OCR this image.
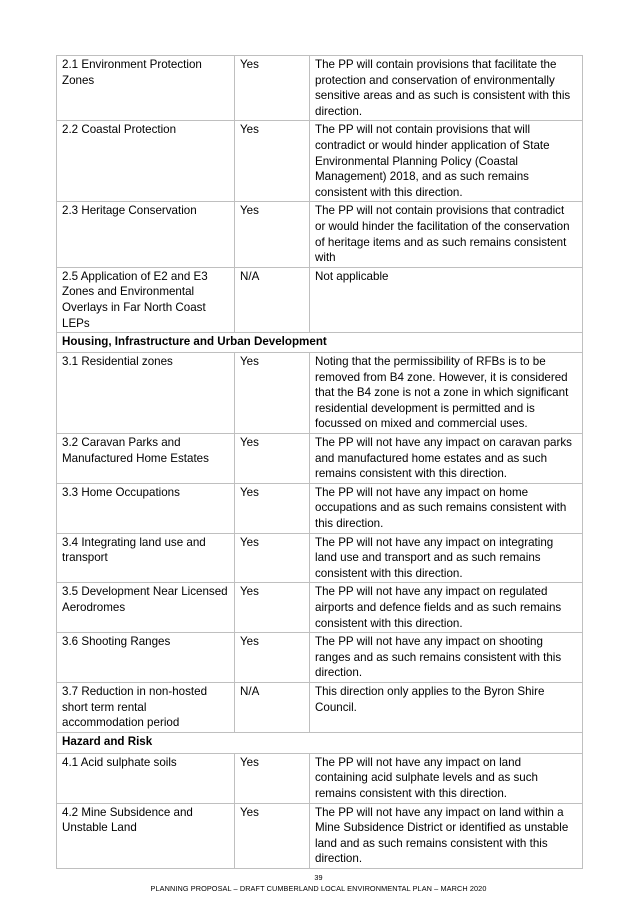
2.1 Environment Protection Zones	Yes	The PP will contain provisions that facilitate the protection and conservation of environmentally sensitive areas and as such is consistent with this direction.
2.2 Coastal Protection	Yes	The PP will not contain provisions that will contradict or would hinder application of State Environmental Planning Policy (Coastal Management) 2018, and as such remains consistent with this direction.
2.3 Heritage Conservation	Yes	The PP will not contain provisions that contradict or would hinder the facilitation of the conservation of heritage items and as such remains consistent with
2.5 Application of E2 and E3 Zones and Environmental Overlays in Far North Coast LEPs	N/A	Not applicable
Housing, Infrastructure and Urban Development		
3.1 Residential zones	Yes	Noting that the permissibility of RFBs is to be removed from B4 zone. However, it is considered that the B4 zone is not a zone in which significant residential development is permitted and is focussed on mixed and commercial uses.
3.2 Caravan Parks and Manufactured Home Estates	Yes	The PP will not have any impact on caravan parks and manufactured home estates and as such remains consistent with this direction.
3.3 Home Occupations	Yes	The PP will not have any impact on home occupations and as such remains consistent with this direction.
3.4 Integrating land use and transport	Yes	The PP will not have any impact on integrating land use and transport and as such remains consistent with this direction.
3.5 Development Near Licensed Aerodromes	Yes	The PP will not have any impact on regulated airports and defence fields and as such remains consistent with this direction.
3.6 Shooting Ranges	Yes	The PP will not have any impact on shooting ranges and as such remains consistent with this direction.
3.7 Reduction in non-hosted short term rental accommodation period	N/A	This direction only applies to the Byron Shire Council.
Hazard and Risk		
4.1 Acid sulphate soils	Yes	The PP will not have any impact on land containing acid sulphate levels and as such remains consistent with this direction.
4.2 Mine Subsidence and Unstable Land	Yes	The PP will not have any impact on land within a Mine Subsidence District or identified as unstable land and as such remains consistent with this direction.
39
PLANNING PROPOSAL – DRAFT CUMBERLAND LOCAL ENVIRONMENTAL PLAN – MARCH 2020
